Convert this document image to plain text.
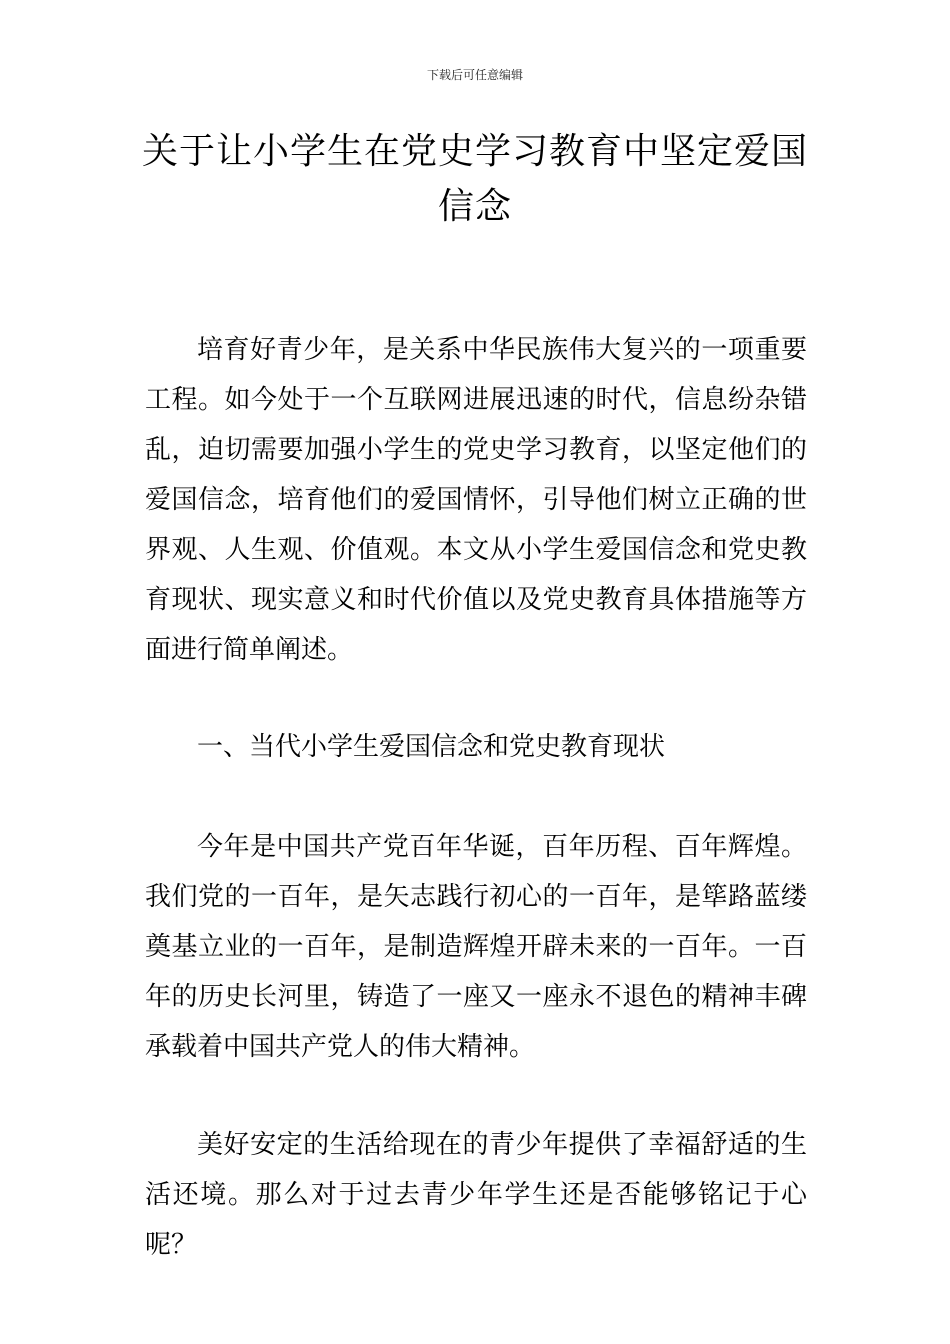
下载后可任意编辑
关于让小学生在党史学习教育中坚定爱国信念

培育好青少年，是关系中华民族伟大复兴的一项重要工程。如今处于一个互联网进展迅速的时代，信息纷杂错乱，迫切需要加强小学生的党史学习教育，以坚定他们的爱国信念，培育他们的爱国情怀，引导他们树立正确的世界观、人生观、价值观。本文从小学生爱国信念和党史教育现状、现实意义和时代价值以及党史教育具体措施等方面进行简单阐述。

一、当代小学生爱国信念和党史教育现状

今年是中国共产党百年华诞，百年历程、百年辉煌。我们党的一百年，是矢志践行初心的一百年，是筚路蓝缕奠基立业的一百年，是制造辉煌开辟未来的一百年。一百年的历史长河里，铸造了一座又一座永不退色的精神丰碑承载着中国共产党人的伟大精神。

美好安定的生活给现在的青少年提供了幸福舒适的生活还境。那么对于过去青少年学生还是否能够铭记于心呢？
